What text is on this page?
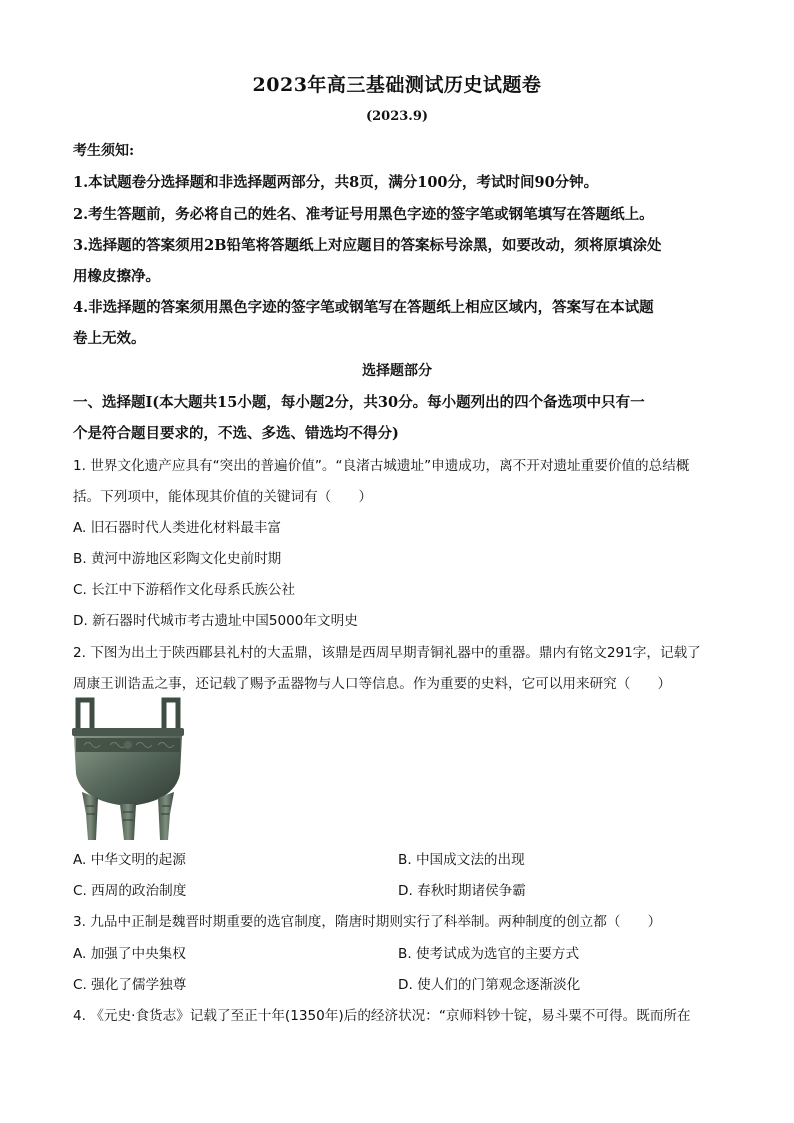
2023年高三基础测试历史试题卷
(2023.9)
考生须知:
1.本试题卷分选择题和非选择题两部分，共8页，满分100分，考试时间90分钟。
2.考生答题前，务必将自己的姓名、准考证号用黑色字迹的签字笔或钢笔填写在答题纸上。
3.选择题的答案须用2B铅笔将答题纸上对应题目的答案标号涂黑，如要改动，须将原填涂处
用橡皮擦净。
4.非选择题的答案须用黑色字迹的签字笔或钢笔写在答题纸上相应区域内，答案写在本试题
卷上无效。
选择题部分
一、选择题Ⅰ(本大题共15小题，每小题2分，共30分。每小题列出的四个备选项中只有一
个是符合题目要求的，不选、多选、错选均不得分)
1. 世界文化遗产应具有“突出的普遍价值”。“良渚古城遗址”申遗成功，离不开对遗址重要价值的总结概
括。下列项中，能体现其价值的关键词有（　　）
A. 旧石器时代人类进化材料最丰富
B. 黄河中游地区彩陶文化史前时期
C. 长江中下游稻作文化母系氏族公社
D. 新石器时代城市考古遗址中国5000年文明史
2. 下图为出土于陕西郿县礼村的大盂鼎，该鼎是西周早期青铜礼器中的重器。鼎内有铭文291字，记载了
周康王训诰盂之事，还记载了赐予盂器物与人口等信息。作为重要的史料，它可以用来研究（　　）
A. 中华文明的起源	B. 中国成文法的出现
C. 西周的政治制度	D. 春秋时期诸侯争霸
3. 九品中正制是魏晋时期重要的选官制度，隋唐时期则实行了科举制。两种制度的创立都（　　）
A. 加强了中央集权	B. 使考试成为选官的主要方式
C. 强化了儒学独尊	D. 使人们的门第观念逐渐淡化
4. 《元史·食货志》记载了至正十年(1350年)后的经济状况：“京师料钞十锭，易斗粟不可得。既而所在
